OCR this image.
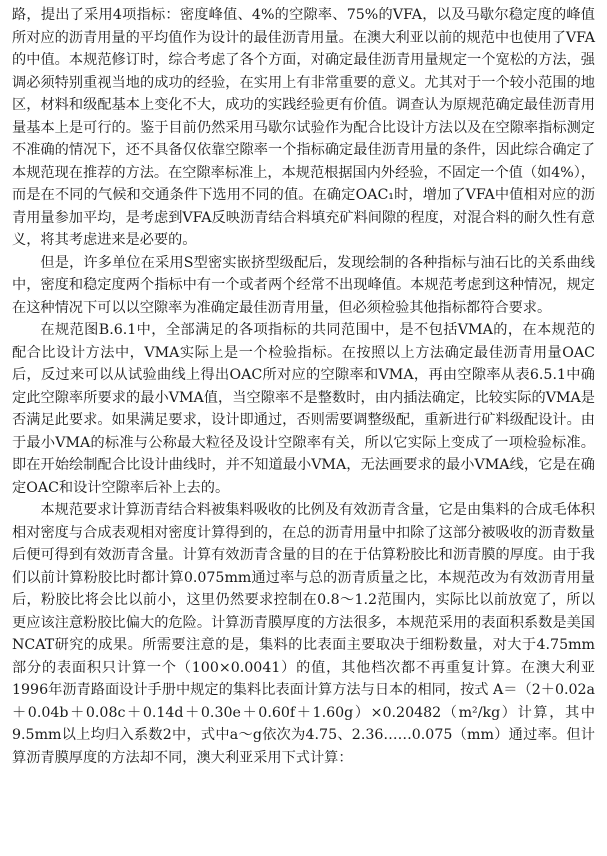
路，提出了采用4项指标：密度峰值、4%的空隙率、75%的VFA，以及马歇尔稳定度的峰值所对应的沥青用量的平均值作为设计的最佳沥青用量。在澳大利亚以前的规范中也使用了VFA的中值。本规范修订时，综合考虑了各个方面，对确定最佳沥青用量规定一个宽松的方法，强调必须特别重视当地的成功的经验，在实用上有非常重要的意义。尤其对于一个较小范围的地区，材料和级配基本上变化不大，成功的实践经验更有价值。调查认为原规范确定最佳沥青用量基本上是可行的。鉴于目前仍然采用马歇尔试验作为配合比设计方法以及在空隙率指标测定不准确的情况下，还不具备仅依靠空隙率一个指标确定最佳沥青用量的条件，因此综合确定了本规范现在推荐的方法。在空隙率标准上，本规范根据国内外经验，不固定一个值（如4%），而是在不同的气候和交通条件下选用不同的值。在确定OAC₁时，增加了VFA中值相对应的沥青用量参加平均，是考虑到VFA反映沥青结合料填充矿料间隙的程度，对混合料的耐久性有意义，将其考虑进来是必要的。

但是，许多单位在采用S型密实嵌挤型级配后，发现绘制的各种指标与油石比的关系曲线中，密度和稳定度两个指标中有一个或者两个经常不出现峰值。本规范考虑到这种情况，规定在这种情况下可以以空隙率为准确定最佳沥青用量，但必须检验其他指标都符合要求。

在规范图B.6.1中，全部满足的各项指标的共同范围中，是不包括VMA的，在本规范的配合比设计方法中，VMA实际上是一个检验指标。在按照以上方法确定最佳沥青用量OAC后，反过来可以从试验曲线上得出OAC所对应的空隙率和VMA，再由空隙率从表6.5.1中确定此空隙率所要求的最小VMA值，当空隙率不是整数时，由内插法确定，比较实际的VMA是否满足此要求。如果满足要求，设计即通过，否则需要调整级配，重新进行矿料级配设计。由于最小VMA的标准与公称最大粒径及设计空隙率有关，所以它实际上变成了一项检验标准。即在开始绘制配合比设计曲线时，并不知道最小VMA，无法画要求的最小VMA线，它是在确定OAC和设计空隙率后补上去的。

本规范要求计算沥青结合料被集料吸收的比例及有效沥青含量，它是由集料的合成毛体积相对密度与合成表观相对密度计算得到的，在总的沥青用量中扣除了这部分被吸收的沥青数量后便可得到有效沥青含量。计算有效沥青含量的目的在于估算粉胶比和沥青膜的厚度。由于我们以前计算粉胶比时都计算0.075mm通过率与总的沥青质量之比，本规范改为有效沥青用量后，粉胶比将会比以前小，这里仍然要求控制在0.8～1.2范围内，实际比以前放宽了，所以更应该注意粉胶比偏大的危险。计算沥青膜厚度的方法很多，本规范采用的表面积系数是美国NCAT研究的成果。所需要注意的是，集料的比表面主要取决于细粉数量，对大于4.75mm部分的表面积只计算一个（100×0.0041）的值，其他档次都不再重复计算。在澳大利亚1996年沥青路面设计手册中规定的集料比表面计算方法与日本的相同，按式 A＝（2＋0.02a＋0.04b＋0.08c＋0.14d＋0.30e＋0.60f＋1.60g）×0.20482（m²/kg）计算，其中9.5mm以上均归入系数2中，式中a～g依次为4.75、2.36……0.075（mm）通过率。但计算沥青膜厚度的方法却不同，澳大利亚采用下式计算：
